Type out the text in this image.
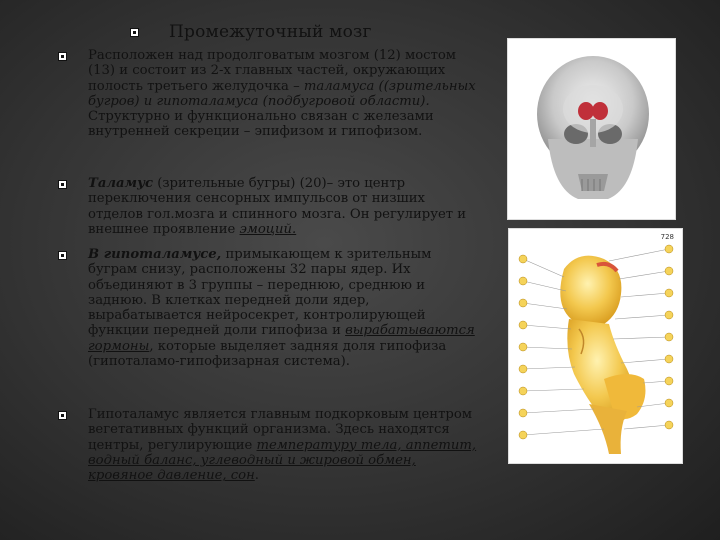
Промежуточный мозг
Расположен над продолговатым мозгом (12) мостом (13) и состоит из 2-х главных частей, окружающих полость третьего желудочка – таламуса ((зрительных бугров) и гипоталамуса (подбугровой области). Структурно и функционально связан с железами внутренней секреции – эпифизом и гипофизом.
Таламус (зрительные бугры) (20)– это центр переключения сенсорных импульсов от низших отделов гол.мозга и спинного мозга. Он регулирует и внешнее проявление эмоций.
В гипоталамусе, примыкающем к зрительным буграм снизу, расположены 32 пары ядер. Их объединяют в 3 группы – переднюю, среднюю и заднюю. В клетках передней доли ядер, вырабатывается нейросекрет, контролирующей функции передней доли гипофиза и вырабатываются гормоны, которые выделяет задняя доля гипофиза (гипоталамо-гипофизарная система).
Гипоталамус является главным подкорковым центром вегетативных функций организма. Здесь находятся центры, регулирующие температуру тела, аппетит, водный баланс, углеводный и жировой обмен, кровяное давление, сон.
728
